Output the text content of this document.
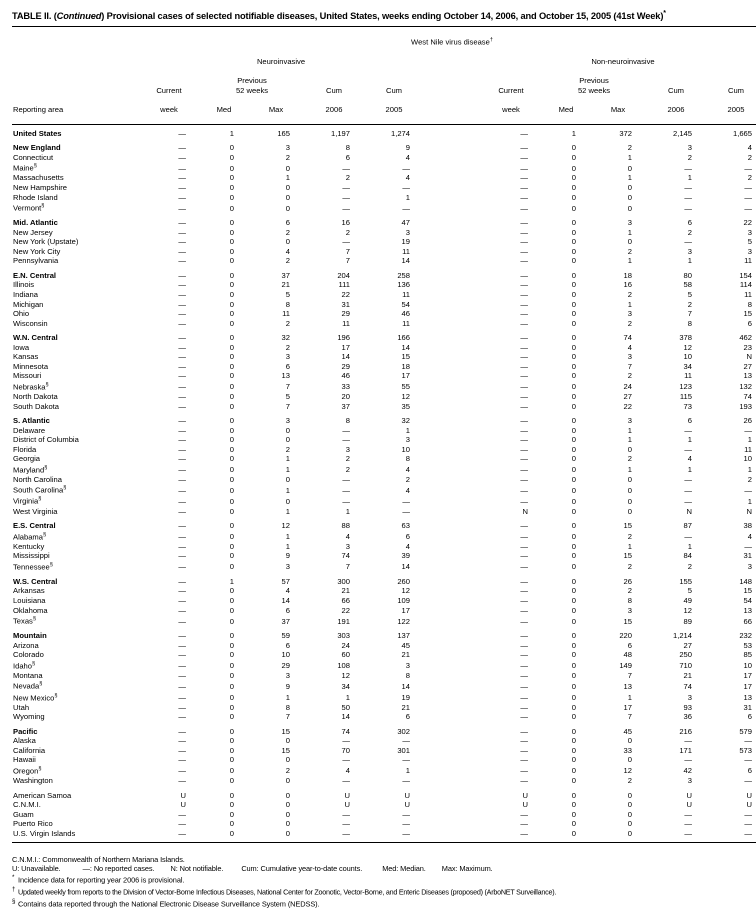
TABLE II. (Continued) Provisional cases of selected notifiable diseases, United States, weeks ending October 14, 2006, and October 15, 2005 (41st Week)*

	West Nile virus disease†	

	Neuroinvasive						Non-neuroinvasive					

		Previous						Previous				
	Current	52 weeks		Cum	Cum		Current	52 weeks		Cum	Cum	

Reporting area	week	Med	Max	2006	2005		week	Med	Max	2006	2005	

United States	—	1	165	1,197	1,274		—	1	372	2,145	1,665	

New England	—	0	3	8	9		—	0	2	3	4	
Connecticut	—	0	2	6	4		—	0	1	2	2	
Maine§	—	0	0	—	—		—	0	0	—	—	
Massachusetts	—	0	1	2	4		—	0	1	1	2	
New Hampshire	—	0	0	—	—		—	0	0	—	—	
Rhode Island	—	0	0	—	1		—	0	0	—	—	
Vermont§	—	0	0	—	—		—	0	0	—	—	

Mid. Atlantic	—	0	6	16	47		—	0	3	6	22	
New Jersey	—	0	2	2	3		—	0	1	2	3	
New York (Upstate)	—	0	0	—	19		—	0	0	—	5	
New York City	—	0	4	7	11		—	0	2	3	3	
Pennsylvania	—	0	2	7	14		—	0	1	1	11	

E.N. Central	—	0	37	204	258		—	0	18	80	154	
Illinois	—	0	21	111	136		—	0	16	58	114	
Indiana	—	0	5	22	11		—	0	2	5	11	
Michigan	—	0	8	31	54		—	0	1	2	8	
Ohio	—	0	11	29	46		—	0	3	7	15	
Wisconsin	—	0	2	11	11		—	0	2	8	6	

W.N. Central	—	0	32	196	166		—	0	74	378	462	
Iowa	—	0	2	17	14		—	0	4	12	23	
Kansas	—	0	3	14	15		—	0	3	10	N	
Minnesota	—	0	6	29	18		—	0	7	34	27	
Missouri	—	0	13	46	17		—	0	2	11	13	
Nebraska§	—	0	7	33	55		—	0	24	123	132	
North Dakota	—	0	5	20	12		—	0	27	115	74	
South Dakota	—	0	7	37	35		—	0	22	73	193	

S. Atlantic	—	0	3	8	32		—	0	3	6	26	
Delaware	—	0	0	—	1		—	0	1	—	—	
District of Columbia	—	0	0	—	3		—	0	1	1	1	
Florida	—	0	2	3	10		—	0	0	—	11	
Georgia	—	0	1	2	8		—	0	2	4	10	
Maryland§	—	0	1	2	4		—	0	1	1	1	
North Carolina	—	0	0	—	2		—	0	0	—	2	
South Carolina§	—	0	1	—	4		—	0	0	—	—	
Virginia§	—	0	0	—	—		—	0	0	—	1	
West Virginia	—	0	1	1	—		N	0	0	N	N	

E.S. Central	—	0	12	88	63		—	0	15	87	38	
Alabama§	—	0	1	4	6		—	0	2	—	4	
Kentucky	—	0	1	3	4		—	0	1	1	—	
Mississippi	—	0	9	74	39		—	0	15	84	31	
Tennessee§	—	0	3	7	14		—	0	2	2	3	

W.S. Central	—	1	57	300	260		—	0	26	155	148	
Arkansas	—	0	4	21	12		—	0	2	5	15	
Louisiana	—	0	14	66	109		—	0	8	49	54	
Oklahoma	—	0	6	22	17		—	0	3	12	13	
Texas§	—	0	37	191	122		—	0	15	89	66	

Mountain	—	0	59	303	137		—	0	220	1,214	232	
Arizona	—	0	6	24	45		—	0	6	27	53	
Colorado	—	0	10	60	21		—	0	48	250	85	
Idaho§	—	0	29	108	3		—	0	149	710	10	
Montana	—	0	3	12	8		—	0	7	21	17	
Nevada§	—	0	9	34	14		—	0	13	74	17	
New Mexico§	—	0	1	1	19		—	0	1	3	13	
Utah	—	0	8	50	21		—	0	17	93	31	
Wyoming	—	0	7	14	6		—	0	7	36	6	

Pacific	—	0	15	74	302		—	0	45	216	579	
Alaska	—	0	0	—	—		—	0	0	—	—	
California	—	0	15	70	301		—	0	33	171	573	
Hawaii	—	0	0	—	—		—	0	0	—	—	
Oregon§	—	0	2	4	1		—	0	12	42	6	
Washington	—	0	0	—	—		—	0	2	3	—	

American Samoa	U	0	0	U	U		U	0	0	U	U	
C.N.M.I.	U	0	0	U	U		U	0	0	U	U	
Guam	—	0	0	—	—		—	0	0	—	—	
Puerto Rico	—	0	0	—	—		—	0	0	—	—	
U.S. Virgin Islands	—	0	0	—	—		—	0	0	—	—	

C.N.M.I.: Commonwealth of Northern Mariana Islands.
U: Unavailable.	—: No reported cases. N: Not notifiable. Cum: Cumulative year-to-date counts.	Med: Median. Max: Maximum.
* Incidence data for reporting year 2006 is provisional.
† Updated weekly from reports to the Division of Vector-Borne Infectious Diseases, National Center for Zoonotic, Vector-Borne, and Enteric Diseases (proposed) (ArboNET Surveillance).
§ Contains data reported through the National Electronic Disease Surveillance System (NEDSS).
